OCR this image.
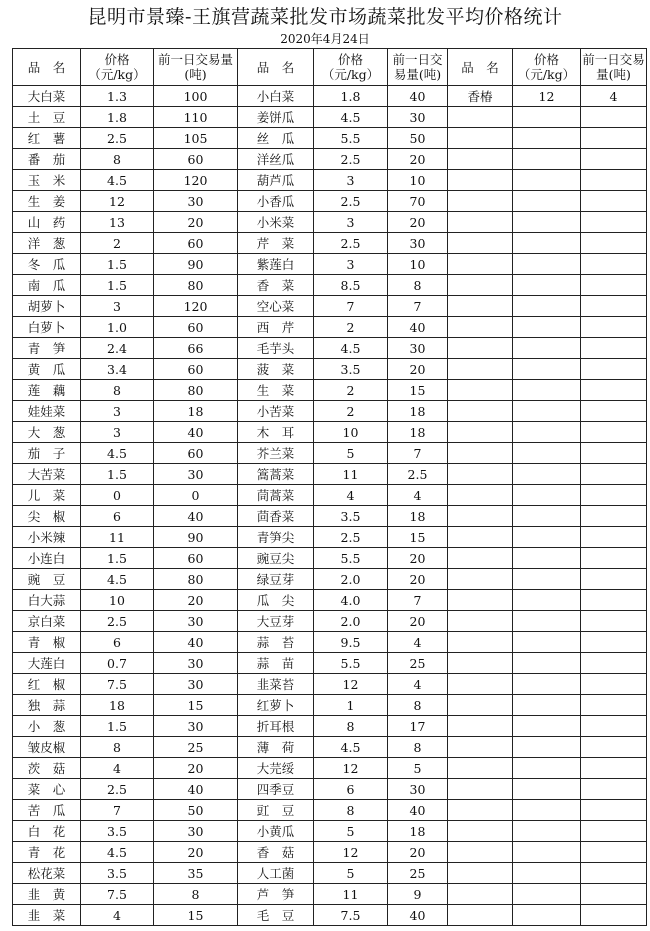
昆明市景臻-王旗营蔬菜批发市场蔬菜批发平均价格统计
2020年4月24日
品　名	价格（元/kg）	前一日交易量(吨)	品　名	价格（元/kg）	前一日交易量(吨)	品　名	价格（元/kg）	前一日交易量(吨)
大白菜	1.3	100	小白菜	1.8	40	香椿	12	4
土　豆	1.8	110	姜饼瓜	4.5	30			
红　薯	2.5	105	丝　瓜	5.5	50			
番　茄	8	60	洋丝瓜	2.5	20			
玉　米	4.5	120	葫芦瓜	3	10			
生　姜	12	30	小香瓜	2.5	70			
山　药	13	20	小米菜	3	20			
洋　葱	2	60	芹　菜	2.5	30			
冬　瓜	1.5	90	紫莲白	3	10			
南　瓜	1.5	80	香　菜	8.5	8			
胡萝卜	3	120	空心菜	7	7			
白萝卜	1.0	60	西　芹	2	40			
青　笋	2.4	66	毛芋头	4.5	30			
黄　瓜	3.4	60	菠　菜	3.5	20			
莲　藕	8	80	生　菜	2	15			
娃娃菜	3	18	小苦菜	2	18			
大　葱	3	40	木　耳	10	18			
茄　子	4.5	60	芥兰菜	5	7			
大苦菜	1.5	30	篙蒿菜	11	2.5			
儿　菜	0	0	茼蒿菜	4	4			
尖　椒	6	40	茴香菜	3.5	18			
小米辣	11	90	青笋尖	2.5	15			
小连白	1.5	60	豌豆尖	5.5	20			
豌　豆	4.5	80	绿豆芽	2.0	20			
白大蒜	10	20	瓜　尖	4.0	7			
京白菜	2.5	30	大豆芽	2.0	20			
青　椒	6	40	蒜　苔	9.5	4			
大莲白	0.7	30	蒜　苗	5.5	25			
红　椒	7.5	30	韭菜苔	12	4			
独　蒜	18	15	红萝卜	1	8			
小　葱	1.5	30	折耳根	8	17			
皱皮椒	8	25	薄　荷	4.5	8			
茨　菇	4	20	大芫绥	12	5			
菜　心	2.5	40	四季豆	6	30			
苦　瓜	7	50	豇　豆	8	40			
白　花	3.5	30	小黄瓜	5	18			
青　花	4.5	20	香　菇	12	20			
松花菜	3.5	35	人工菌	5	25			
韭　黄	7.5	8	芦　笋	11	9			
韭　菜	4	15	毛　豆	7.5	40			
